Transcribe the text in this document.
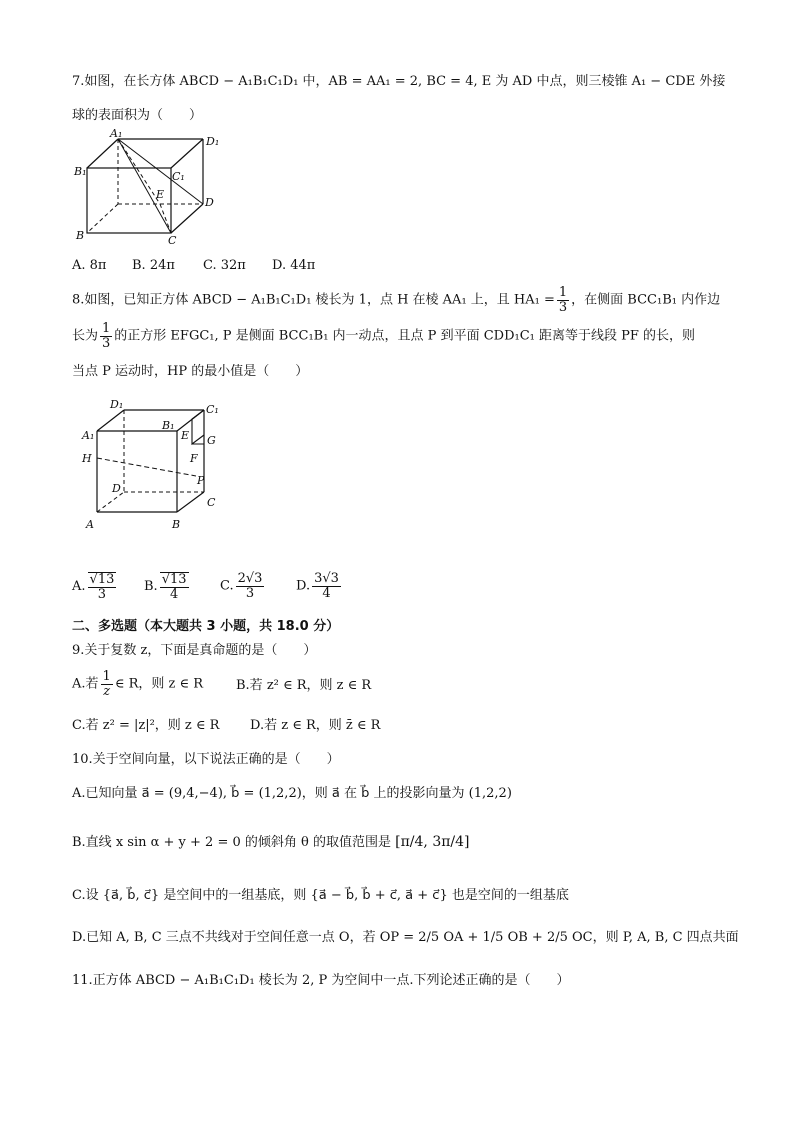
7.如图，在长方体 ABCD − A₁B₁C₁D₁ 中，AB = AA₁ = 2, BC = 4, E 为 AD 中点，则三棱锥 A₁ − CDE 外接
球的表面积为（　　）
A₁
D₁
B₁	C₁
E
D
B	C
A. 8π B. 24π C. 32π D. 44π
8.如图，已知正方体 ABCD − A₁B₁C₁D₁ 棱长为 1，点 H 在棱 AA₁ 上，且 $HA_1 = \frac{1}{3}$ ，在侧面 BCC₁B₁ 内作边
长为 $\frac{1}{3}$ 的正方形 EFGC₁, P 是侧面 BCC₁B₁ 内一动点，且点 P 到平面 CDD₁C₁ 距离等于线段 PF 的长，则
当点 P 运动时，HP 的最小值是（　　）
D₁	C₁
A₁
B₁
E G
H	F
P
D
C
A	B
A. $\frac{√13}{3} B$. $\frac{√13}{4} C$. $\frac{2√3}{3} D$. $\frac{3√3}{4}$
二、多选题（本大题共 3 小题，共 18.0 分）
9.关于复数 z，下面是真命题的是（　　）
A.若 $\frac{1}{z}$ ∈ R，则 z ∈ R	B.若 z² ∈ R，则 z ∈ R
C.若 z² = |z|²，则 z ∈ R D.若 z ∈ R，则 z̄ ∈ R
10.关于空间向量，以下说法正确的是（　　）
A.已知向量 a⃗ = (9,4,−4), b⃗ = (1,2,2)，则 a⃗ 在 b⃗ 上的投影向量为 (1,2,2)
B.直线 x sin α + y + 2 = 0 的倾斜角 θ 的取值范围是 [π/4, 3π/4]
C.设 {a⃗, b⃗, c⃗} 是空间中的一组基底，则 {a⃗ − b⃗, b⃗ + c⃗, a⃗ + c⃗} 也是空间的一组基底
D.已知 A, B, C 三点不共线对于空间任意一点 O，若 OP = 2/5 OA + 1/5 OB + 2/5 OC，则 P, A, B, C 四点共面
11.正方体 ABCD − A₁B₁C₁D₁ 棱长为 2, P 为空间中一点.下列论述正确的是（　　）
